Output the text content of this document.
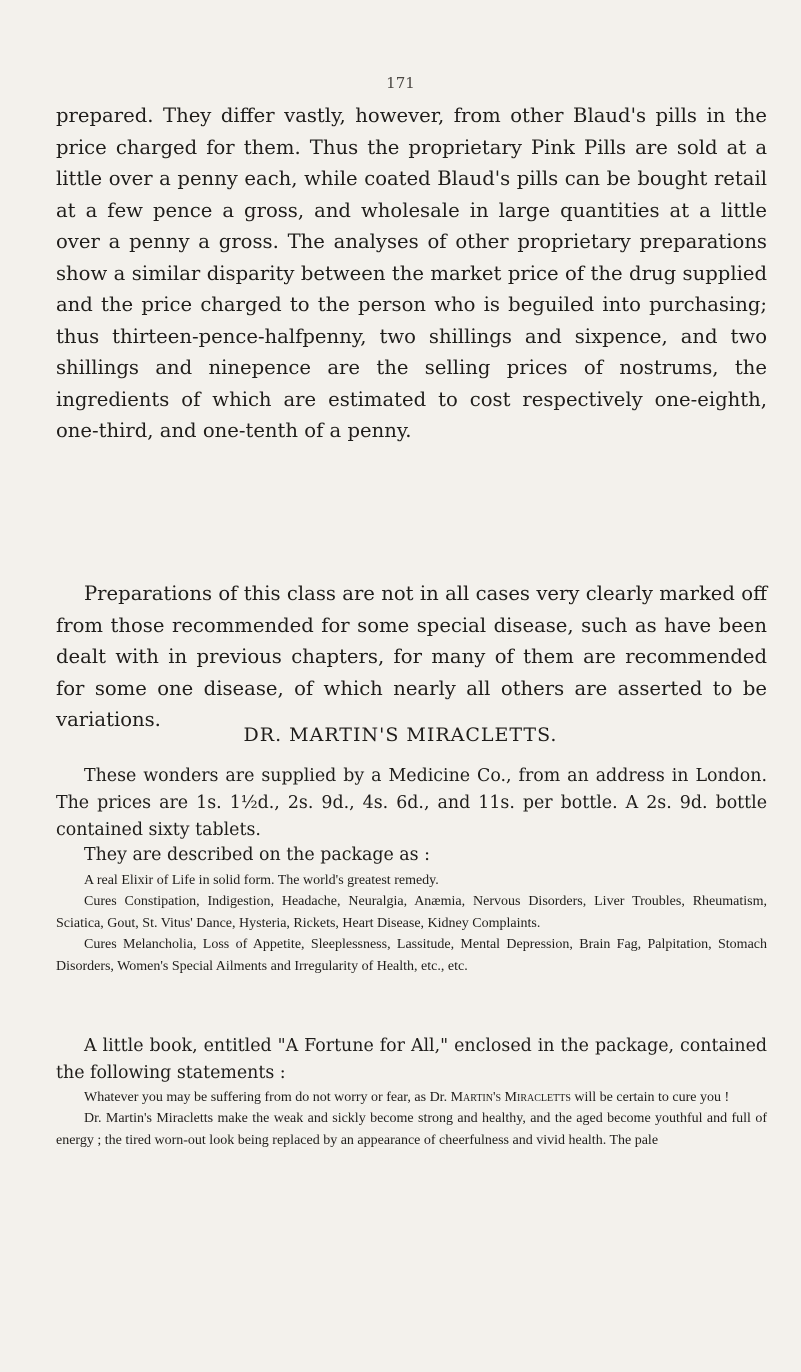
171

prepared. They differ vastly, however, from other Blaud's pills in the price charged for them. Thus the proprietary Pink Pills are sold at a little over a penny each, while coated Blaud's pills can be bought retail at a few pence a gross, and wholesale in large quantities at a little over a penny a gross. The analyses of other proprietary preparations show a similar disparity between the market price of the drug supplied and the price charged to the person who is beguiled into purchasing; thus thirteen-pence-halfpenny, two shillings and sixpence, and two shillings and ninepence are the selling prices of nostrums, the ingredients of which are estimated to cost respectively one-eighth, one-third, and one-tenth of a penny.

Preparations of this class are not in all cases very clearly marked off from those recommended for some special disease, such as have been dealt with in previous chapters, for many of them are recommended for some one disease, of which nearly all others are asserted to be variations.

DR. MARTIN'S MIRACLETTS.

These wonders are supplied by a Medicine Co., from an address in London. The prices are 1s. 1½d., 2s. 9d., 4s. 6d., and 11s. per bottle. A 2s. 9d. bottle contained sixty tablets.

They are described on the package as :

A real Elixir of Life in solid form. The world's greatest remedy.

Cures Constipation, Indigestion, Headache, Neuralgia, Anæmia, Nervous Disorders, Liver Troubles, Rheumatism, Sciatica, Gout, St. Vitus' Dance, Hysteria, Rickets, Heart Disease, Kidney Complaints.

Cures Melancholia, Loss of Appetite, Sleeplessness, Lassitude, Mental Depression, Brain Fag, Palpitation, Stomach Disorders, Women's Special Ailments and Irregularity of Health, etc., etc.

A little book, entitled "A Fortune for All," enclosed in the package, contained the following statements :

Whatever you may be suffering from do not worry or fear, as Dr. Martin's Miracletts will be certain to cure you !

Dr. Martin's Miracletts make the weak and sickly become strong and healthy, and the aged become youthful and full of energy ; the tired worn-out look being replaced by an appearance of cheerfulness and vivid health. The pale
